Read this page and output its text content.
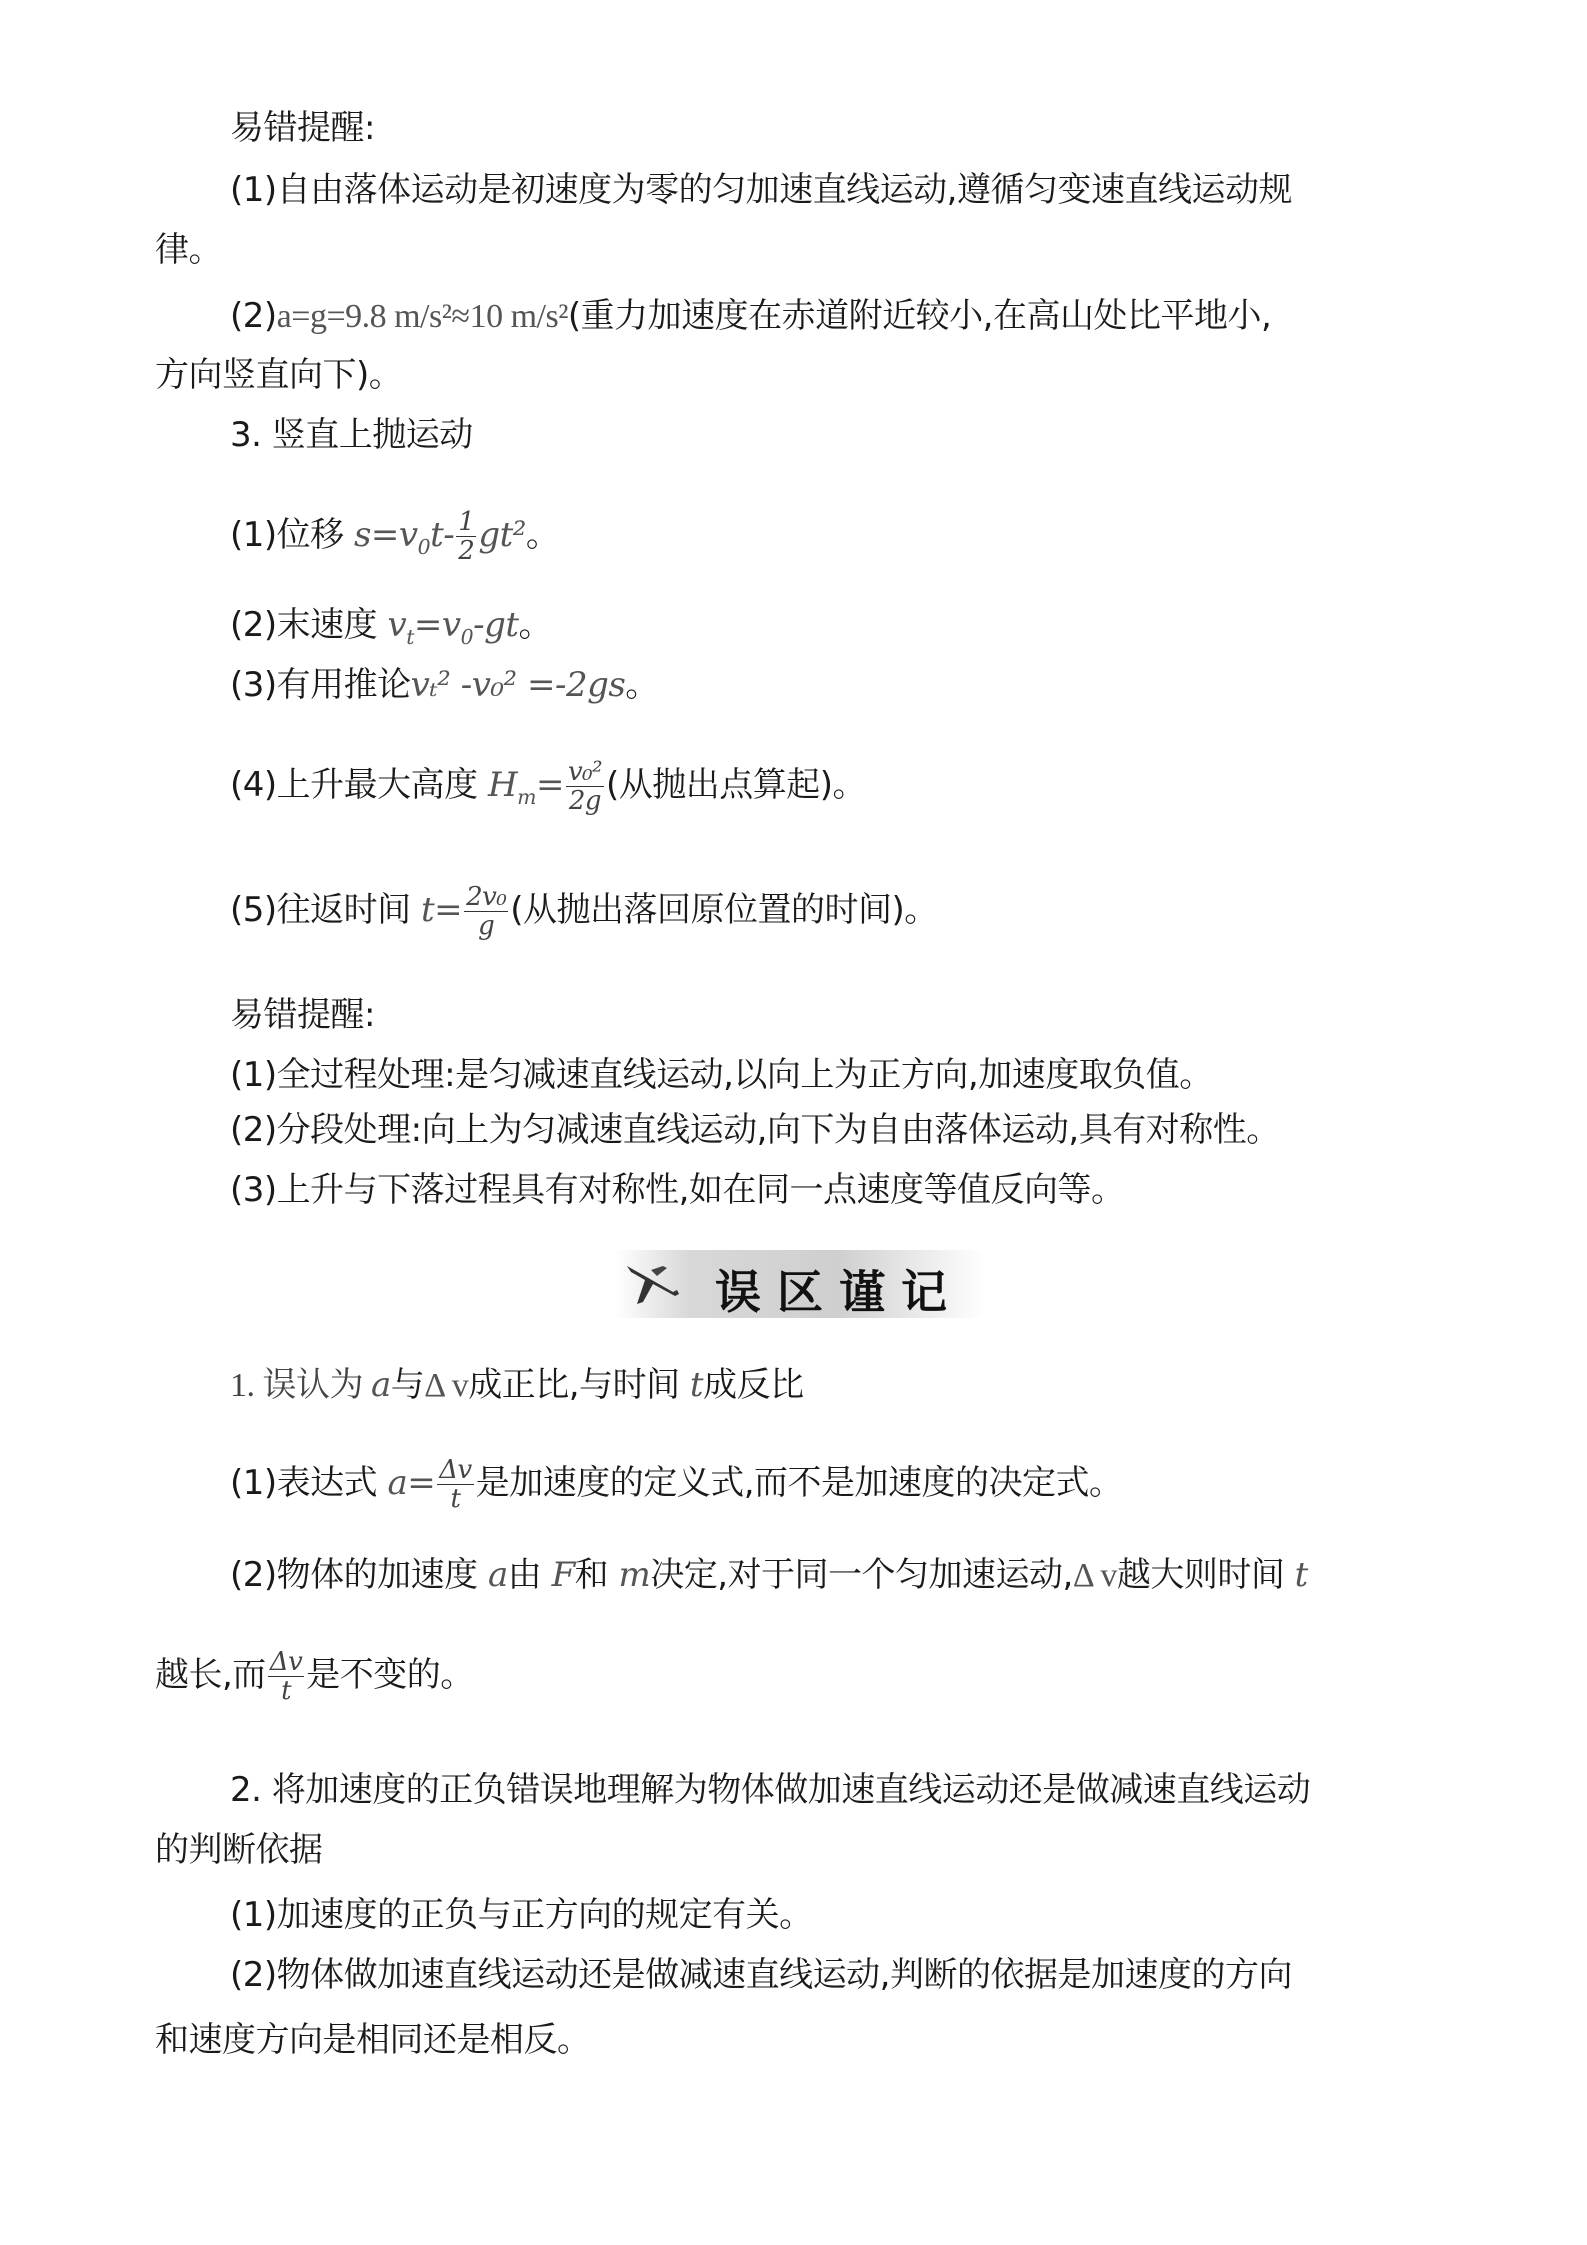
易错提醒:
(1)自由落体运动是初速度为零的匀加速直线运动,遵循匀变速直线运动规
律。
(2)a=g=9.8 m/s²≈10 m/s²(重力加速度在赤道附近较小,在高山处比平地小,
方向竖直向下)。
3. 竖直上抛运动
(1)位移 $s=v_0t- \frac{1}{2} gt^2$。
(2)末速度 $v_t=v_0-gt$。
(3)有用推论vₜ² -v₀² =-2gs。
(4)上升最大高度 $H_m= \frac{\text{v₀²}}{2g}$ (从抛出点算起)。
(5)往返时间 $t= \frac{\text{2v₀}}{g}$ (从抛出落回原位置的时间)。
易错提醒:
(1)全过程处理:是匀减速直线运动,以向上为正方向,加速度取负值。
(2)分段处理:向上为匀减速直线运动,向下为自由落体运动,具有对称性。
(3)上升与下落过程具有对称性,如在同一点速度等值反向等。
误区谨记
1. 误认为 a与Δ v成正比,与时间 t成反比
(1)表达式 $a= \frac{\Delta v}{t}$ 是加速度的定义式,而不是加速度的决定式。
(2)物体的加速度 a由 F和 m决定,对于同一个匀加速运动,Δ v越大则时间 t
越长,而 $\frac{\Delta v}{t}$ 是不变的。
2. 将加速度的正负错误地理解为物体做加速直线运动还是做减速直线运动
的判断依据
(1)加速度的正负与正方向的规定有关。
(2)物体做加速直线运动还是做减速直线运动,判断的依据是加速度的方向
和速度方向是相同还是相反。
